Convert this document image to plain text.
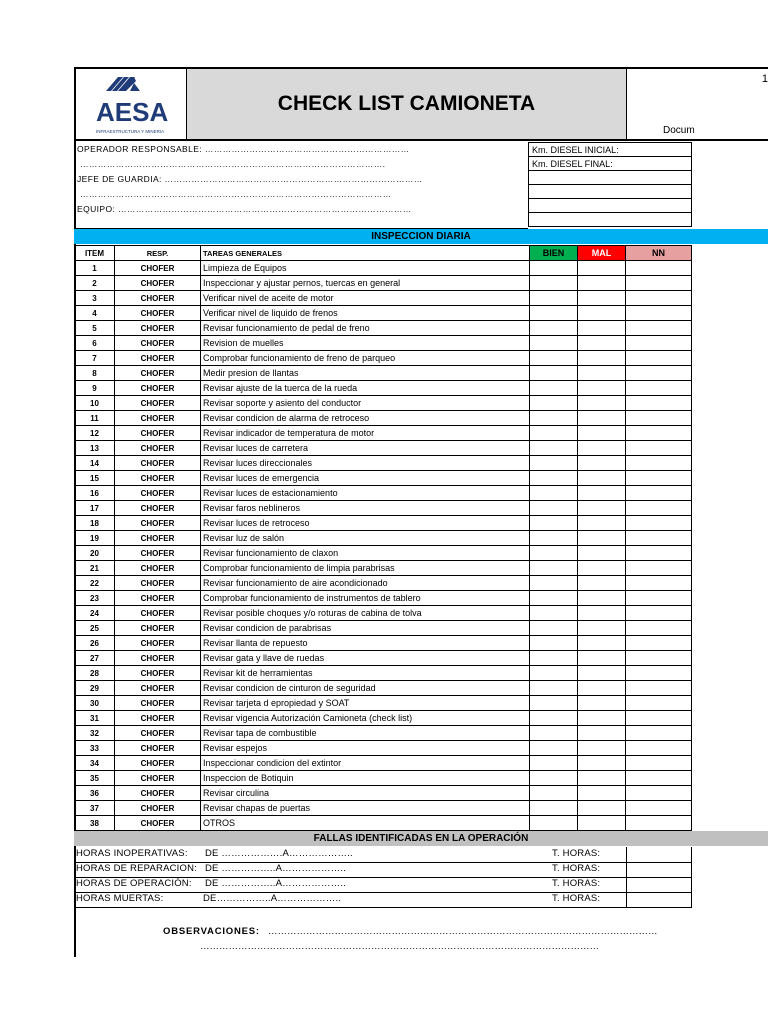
AESA
INFRAESTRUCTURA Y MINERIA
CHECK LIST CAMIONETA
1
Docum
OPERADOR RESPONSABLE: ……………………………………………………………
………………………………………………………………………………………….
JEFE DE GUARDIA: ……………………………………………………………………………
……………………………………………………………………………………………
EQUIPO: ………………………………………………………………………………………
Km. DIESEL INICIAL:
Km. DIESEL FINAL:
INSPECCION DIARIA
ITEM	RESP.	TAREAS GENERALES	BIEN	MAL	NN
1	CHOFER	Limpieza de Equipos			
2	CHOFER	Inspeccionar y ajustar pernos, tuercas en general			
3	CHOFER	Verificar nivel de aceite de motor			
4	CHOFER	Verificar nivel de liquido de frenos			
5	CHOFER	Revisar funcionamiento de pedal de freno			
6	CHOFER	Revision de muelles			
7	CHOFER	Comprobar funcionamiento de freno de parqueo			
8	CHOFER	Medir presion de llantas			
9	CHOFER	Revisar ajuste de la tuerca de la rueda			
10	CHOFER	Revisar soporte y asiento del conductor			
11	CHOFER	Revisar condicion de alarma de retroceso			
12	CHOFER	Revisar indicador de temperatura de motor			
13	CHOFER	Revisar luces de carretera			
14	CHOFER	Revisar luces direccionales			
15	CHOFER	Revisar luces de emergencia			
16	CHOFER	Revisar luces de estacionamiento			
17	CHOFER	Revisar faros neblineros			
18	CHOFER	Revisar luces de retroceso			
19	CHOFER	Revisar luz de salón			
20	CHOFER	Revisar funcionamiento de claxon			
21	CHOFER	Comprobar funcionamiento de limpia parabrisas			
22	CHOFER	Revisar funcionamiento de aire acondicionado			
23	CHOFER	Comprobar funcionamiento de instrumentos de tablero			
24	CHOFER	Revisar posible choques y/o roturas de cabina de tolva			
25	CHOFER	Revisar condicion de parabrisas			
26	CHOFER	Revisar llanta de repuesto			
27	CHOFER	Revisar gata y llave de ruedas			
28	CHOFER	Revisar kit de herramientas			
29	CHOFER	Revisar condicion de cinturon de seguridad			
30	CHOFER	Revisar tarjeta d epropiedad y SOAT			
31	CHOFER	Revisar vigencia Autorización Camioneta (check list)			
32	CHOFER	Revisar tapa de combustible			
33	CHOFER	Revisar espejos			
34	CHOFER	Inspeccionar condicion del extintor			
35	CHOFER	Inspeccion de Botiquin			
36	CHOFER	Revisar circulina			
37	CHOFER	Revisar chapas de puertas			
38	CHOFER	OTROS			
FALLAS IDENTIFICADAS EN LA OPERACIÓN
HORAS INOPERATIVAS: DE ……………….A………………..	T. HORAS:
HORAS DE REPARACION: DE ……………..A………………..	T. HORAS:
HORAS DE OPERACIÓN: DE ……………..A………………..	T. HORAS:
HORAS MUERTAS:	DE……………..A………………..	T. HORAS:
OBSERVACIONES: ……………………………………………………………………………………………………………
………………………………………………………………………………………………………………
